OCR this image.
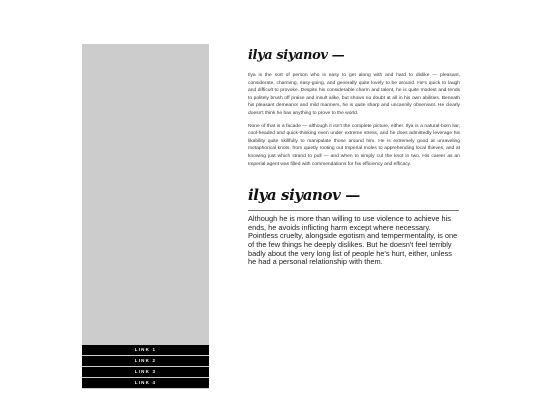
LINK 1
LINK 2
LINK 3
LINK 4
ilya siyanov —

Ilya is the sort of person who is easy to get along with and hard to dislike — pleasant, considerate, charming, easy-going, and generally quite lovely to be around. He's quick to laugh and difficult to provoke. Despite his considerable charm and talent, he is quite modest and tends to politely brush off praise and insult alike, but shows no doubt at all in his own abilities. Beneath his pleasant demeanor and mild manners, he is quite sharp and uncannily observant. He clearly doesn't think he has anything to prove to the world.

None of that is a facade — although it isn't the complete picture, either. Ilya is a natural-born liar, cool-headed and quick-thinking even under extreme stress, and he does admittedly leverage his likability quite skillfully to manipulate those around him. He is extremely good at unraveling metaphorical knots, from quietly rooting out Imperial moles to apprehending local thieves, and at knowing just which strand to pull — and when to simply cut the knot in two. His career as an Imperial agent was filled with commendations for his efficiency and efficacy.

ilya siyanov —

Although he is more than willing to use violence to achieve his ends, he avoids inflicting harm except where necessary. Pointless cruelty, alongside egotism and tempermentality, is one of the few things he deeply dislikes. But he doesn't feel terribly badly about the very long list of people he's hurt, either, unless he had a personal relationship with them.
